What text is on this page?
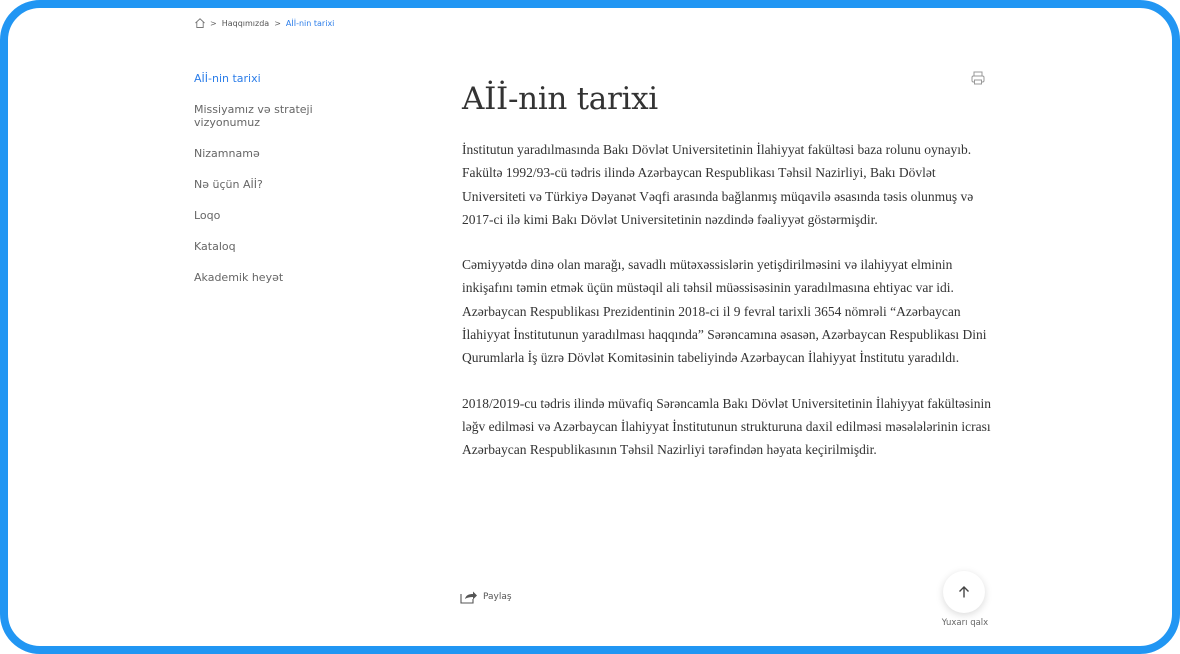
> Haqqımızda > Aİİ-nin tarixi
Aİİ-nin tarixi
Missiyamız və strateji vizyonumuz
Nizamnamə
Nə üçün Aİİ?
Loqo
Kataloq
Akademik heyət
Aİİ-nin tarixi

İnstitutun yaradılmasında Bakı Dövlət Universitetinin İlahiyyat fakültəsi baza rolunu oynayıb. Fakültə 1992/93-cü tədris ilində Azərbaycan Respublikası Təhsil Nazirliyi, Bakı Dövlət Universiteti və Türkiyə Dəyanət Vəqfi arasında bağlanmış müqavilə əsasında təsis olunmuş və 2017-ci ilə kimi Bakı Dövlət Universitetinin nəzdində fəaliyyət göstərmişdir.

Cəmiyyətdə dinə olan marağı, savadlı mütəxəssislərin yetişdirilməsini və ilahiyyat elminin inkişafını təmin etmək üçün müstəqil ali təhsil müəssisəsinin yaradılmasına ehtiyac var idi. Azərbaycan Respublikası Prezidentinin 2018-ci il 9 fevral tarixli 3654 nömrəli “Azərbaycan İlahiyyat İnstitutunun yaradılması haqqında” Sərəncamına əsasən, Azərbaycan Respublikası Dini Qurumlarla İş üzrə Dövlət Komitəsinin tabeliyində Azərbaycan İlahiyyat İnstitutu yaradıldı.

2018/2019-cu tədris ilində müvafiq Sərəncamla Bakı Dövlət Universitetinin İlahiyyat fakültəsinin ləğv edilməsi və Azərbaycan İlahiyyat İnstitutunun strukturuna daxil edilməsi məsələlərinin icrası Azərbaycan Respublikasının Təhsil Nazirliyi tərəfindən həyata keçirilmişdir.

Paylaş
Yuxarı qalx
